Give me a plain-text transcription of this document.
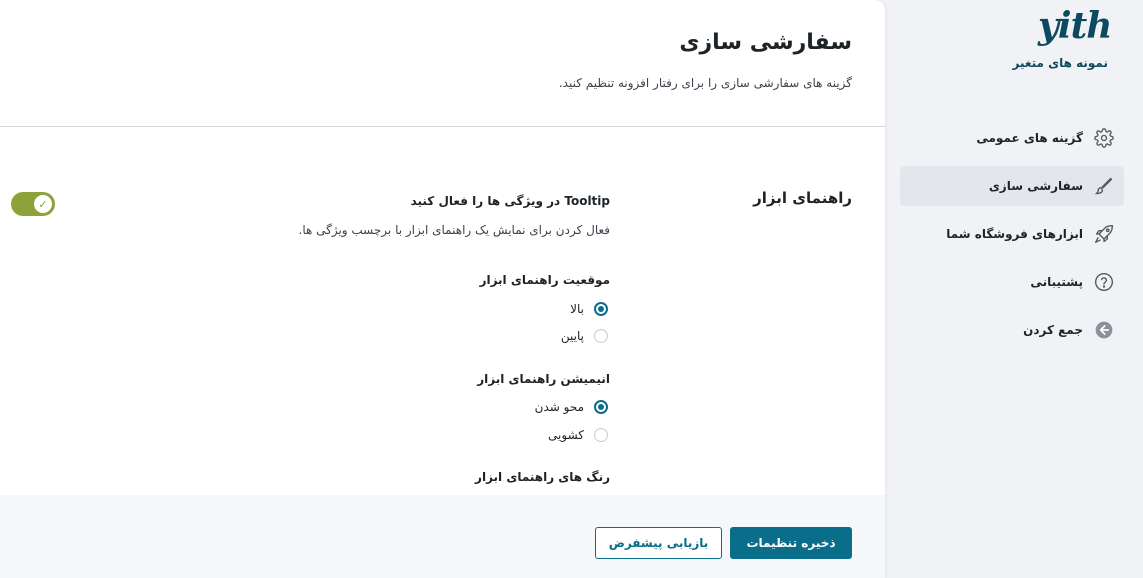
سفارشی سازی
گزینه های سفارشی سازی را برای رفتار افزونه تنظیم کنید.
راهنمای ابزار
Tooltip در ویژگی ها را فعال کنید
فعال کردن برای نمایش یک راهنمای ابزار با برچسب ویژگی ها.
✓
موقعیت راهنمای ابزار
بالا
پایین
انیمیشن راهنمای ابزار
محو شدن
کشویی
رنگ های راهنمای ابزار
بازیابی پیشفرض	ذخیره تنظیمات
yith
نمونه های متغیر
گزینه های عمومی
سفارشی سازی
ابزارهای فروشگاه شما
پشتیبانی
جمع کردن
